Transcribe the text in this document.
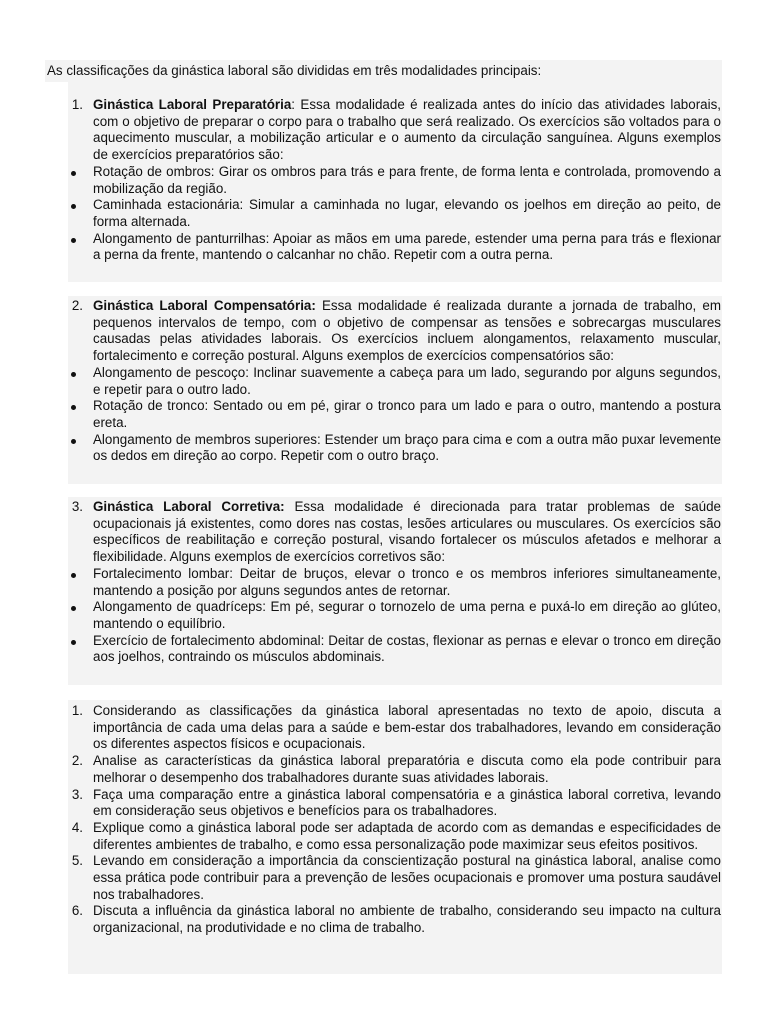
As classificações da ginástica laboral são divididas em três modalidades principais:
1. Ginástica Laboral Preparatória: Essa modalidade é realizada antes do início das atividades laborais, com o objetivo de preparar o corpo para o trabalho que será realizado. Os exercícios são voltados para o aquecimento muscular, a mobilização articular e o aumento da circulação sanguínea. Alguns exemplos de exercícios preparatórios são:
Rotação de ombros: Girar os ombros para trás e para frente, de forma lenta e controlada, promovendo a mobilização da região.
Caminhada estacionária: Simular a caminhada no lugar, elevando os joelhos em direção ao peito, de forma alternada.
Alongamento de panturrilhas: Apoiar as mãos em uma parede, estender uma perna para trás e flexionar a perna da frente, mantendo o calcanhar no chão. Repetir com a outra perna.
2. Ginástica Laboral Compensatória: Essa modalidade é realizada durante a jornada de trabalho, em pequenos intervalos de tempo, com o objetivo de compensar as tensões e sobrecargas musculares causadas pelas atividades laborais. Os exercícios incluem alongamentos, relaxamento muscular, fortalecimento e correção postural. Alguns exemplos de exercícios compensatórios são:
Alongamento de pescoço: Inclinar suavemente a cabeça para um lado, segurando por alguns segundos, e repetir para o outro lado.
Rotação de tronco: Sentado ou em pé, girar o tronco para um lado e para o outro, mantendo a postura ereta.
Alongamento de membros superiores: Estender um braço para cima e com a outra mão puxar levemente os dedos em direção ao corpo. Repetir com o outro braço.
3. Ginástica Laboral Corretiva: Essa modalidade é direcionada para tratar problemas de saúde ocupacionais já existentes, como dores nas costas, lesões articulares ou musculares. Os exercícios são específicos de reabilitação e correção postural, visando fortalecer os músculos afetados e melhorar a flexibilidade. Alguns exemplos de exercícios corretivos são:
Fortalecimento lombar: Deitar de bruços, elevar o tronco e os membros inferiores simultaneamente, mantendo a posição por alguns segundos antes de retornar.
Alongamento de quadríceps: Em pé, segurar o tornozelo de uma perna e puxá-lo em direção ao glúteo, mantendo o equilíbrio.
Exercício de fortalecimento abdominal: Deitar de costas, flexionar as pernas e elevar o tronco em direção aos joelhos, contraindo os músculos abdominais.
1. Considerando as classificações da ginástica laboral apresentadas no texto de apoio, discuta a importância de cada uma delas para a saúde e bem-estar dos trabalhadores, levando em consideração os diferentes aspectos físicos e ocupacionais.
2. Analise as características da ginástica laboral preparatória e discuta como ela pode contribuir para melhorar o desempenho dos trabalhadores durante suas atividades laborais.
3. Faça uma comparação entre a ginástica laboral compensatória e a ginástica laboral corretiva, levando em consideração seus objetivos e benefícios para os trabalhadores.
4. Explique como a ginástica laboral pode ser adaptada de acordo com as demandas e especificidades de diferentes ambientes de trabalho, e como essa personalização pode maximizar seus efeitos positivos.
5. Levando em consideração a importância da conscientização postural na ginástica laboral, analise como essa prática pode contribuir para a prevenção de lesões ocupacionais e promover uma postura saudável nos trabalhadores.
6. Discuta a influência da ginástica laboral no ambiente de trabalho, considerando seu impacto na cultura organizacional, na produtividade e no clima de trabalho.
